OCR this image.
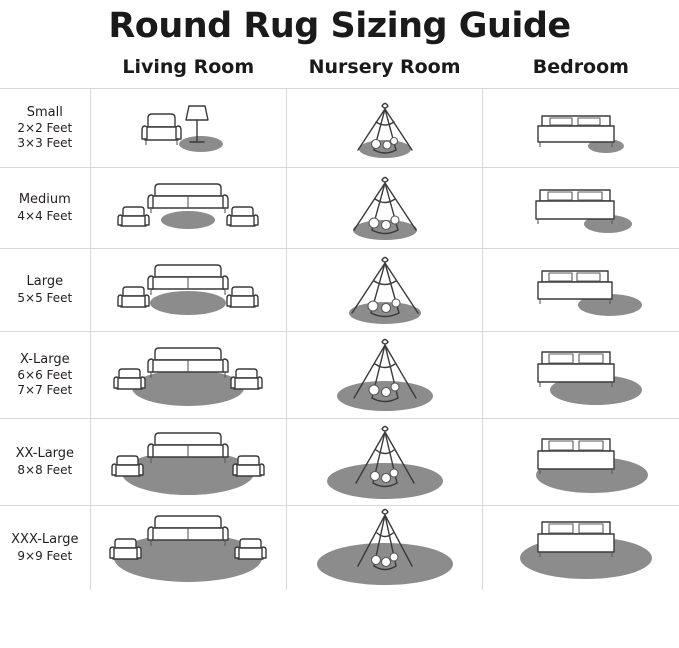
Round Rug Sizing Guide
	Living Room	Nursery Room	Bedroom

Small
2×2 Feet
3×3 Feet

Medium
4×4 Feet

Large
5×5 Feet

X-Large
6×6 Feet
7×7 Feet

XX-Large
8×8 Feet

XXX-Large
9×9 Feet
